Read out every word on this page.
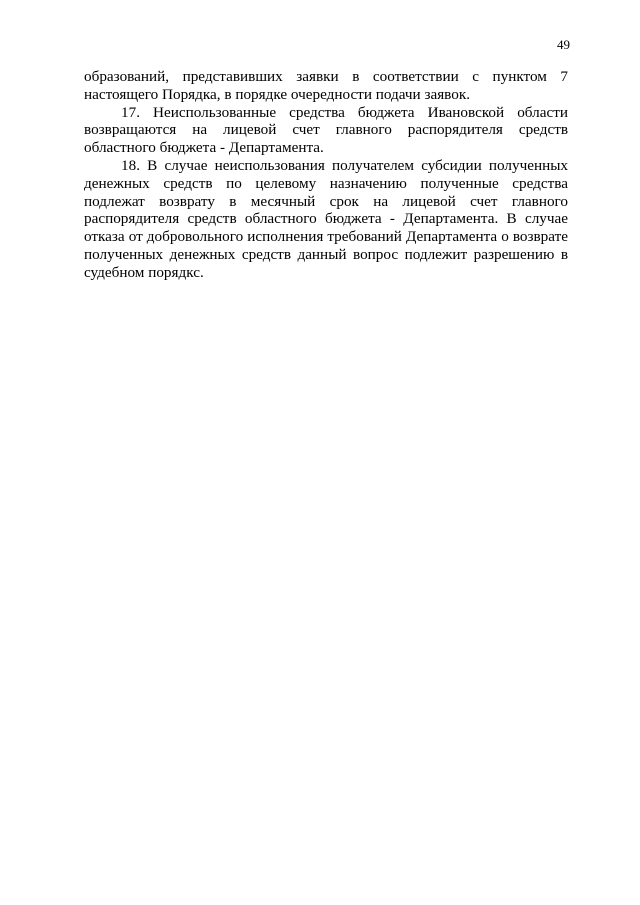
49

образований, представивших заявки в соответствии с пунктом 7 настоящего Порядка, в порядке очередности подачи заявок.

17. Неиспользованные средства бюджета Ивановской области возвращаются на лицевой счет главного распорядителя средств областного бюджета - Департамента.

18. В случае неиспользования получателем субсидии полученных денежных средств по целевому назначению полученные средства подлежат возврату в месячный срок на лицевой счет главного распорядителя средств областного бюджета - Департамента. В случае отказа от добровольного исполнения требований Департамента о возврате полученных денежных средств данный вопрос подлежит разрешению в судебном порядкс.
